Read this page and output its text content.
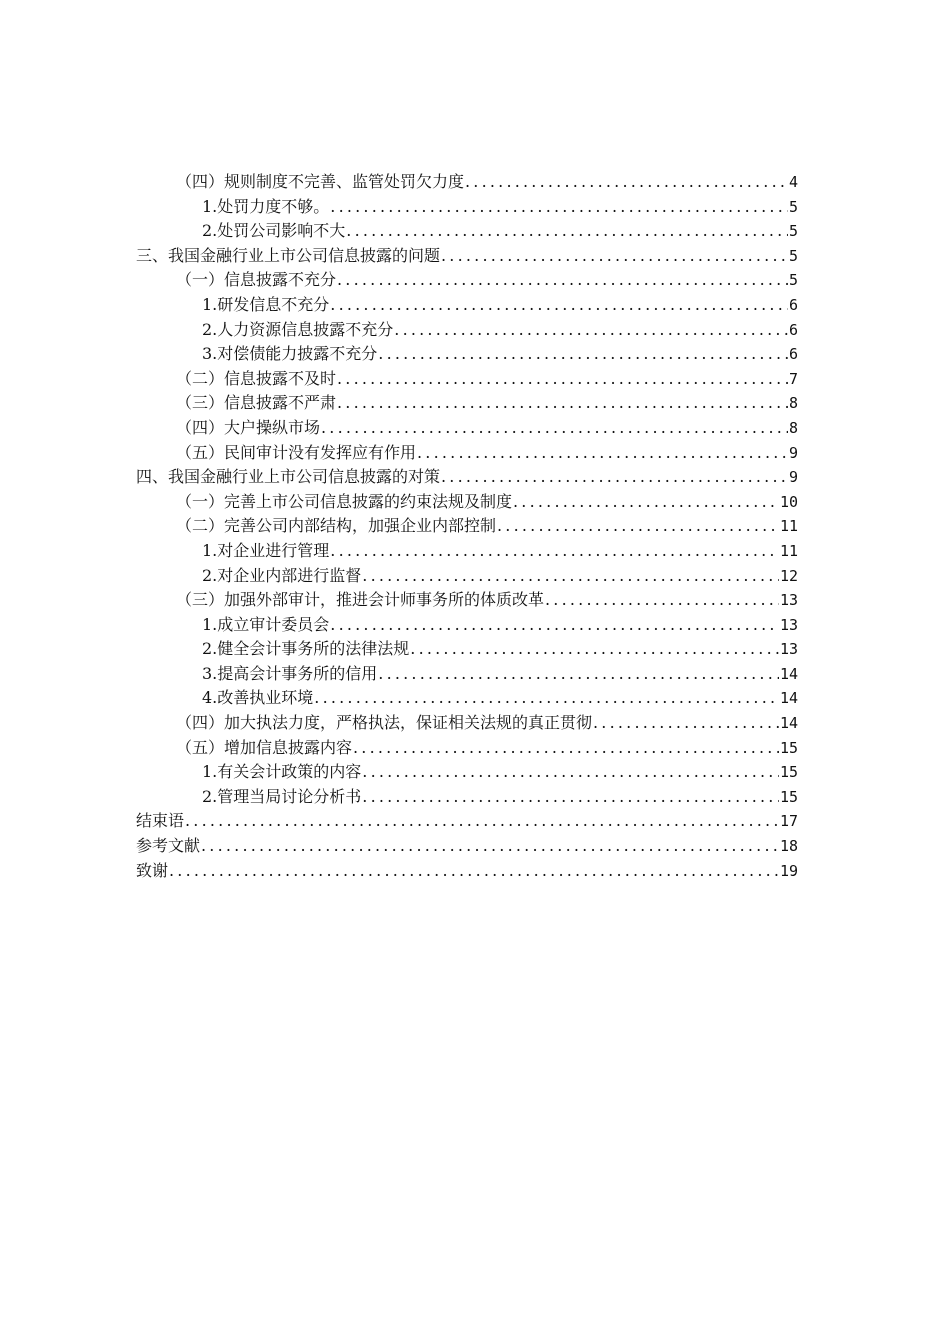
（四）规则制度不完善、监管处罚欠力度 .....	4
1.处罚力度不够。 .....	5
2.处罚公司影响不大 .....	5
三、我国金融行业上市公司信息披露的问题 .....	5
（一）信息披露不充分 .....	5
1.研发信息不充分 .....	6
2.人力资源信息披露不充分 .....	6
3.对偿债能力披露不充分 .....	6
（二）信息披露不及时 .....	7
（三）信息披露不严肃 .....	8
（四）大户操纵市场 .....	8
（五）民间审计没有发挥应有作用 .....	9
四、我国金融行业上市公司信息披露的对策 .....	9
（一）完善上市公司信息披露的约束法规及制度 .....	10
（二）完善公司内部结构，加强企业内部控制 .....	11
1.对企业进行管理 .....	11
2.对企业内部进行监督 .....	12
（三）加强外部审计，推进会计师事务所的体质改革 .....	13
1.成立审计委员会 .....	13
2.健全会计事务所的法律法规 .....	13
3.提高会计事务所的信用 .....	14
4.改善执业环境 .....	14
（四）加大执法力度，严格执法，保证相关法规的真正贯彻 .....	14
（五）增加信息披露内容 .....	15
1.有关会计政策的内容 .....	15
2.管理当局讨论分析书 .....	15
结束语 .....	17
参考文献 .....	18
致谢 .....	19
